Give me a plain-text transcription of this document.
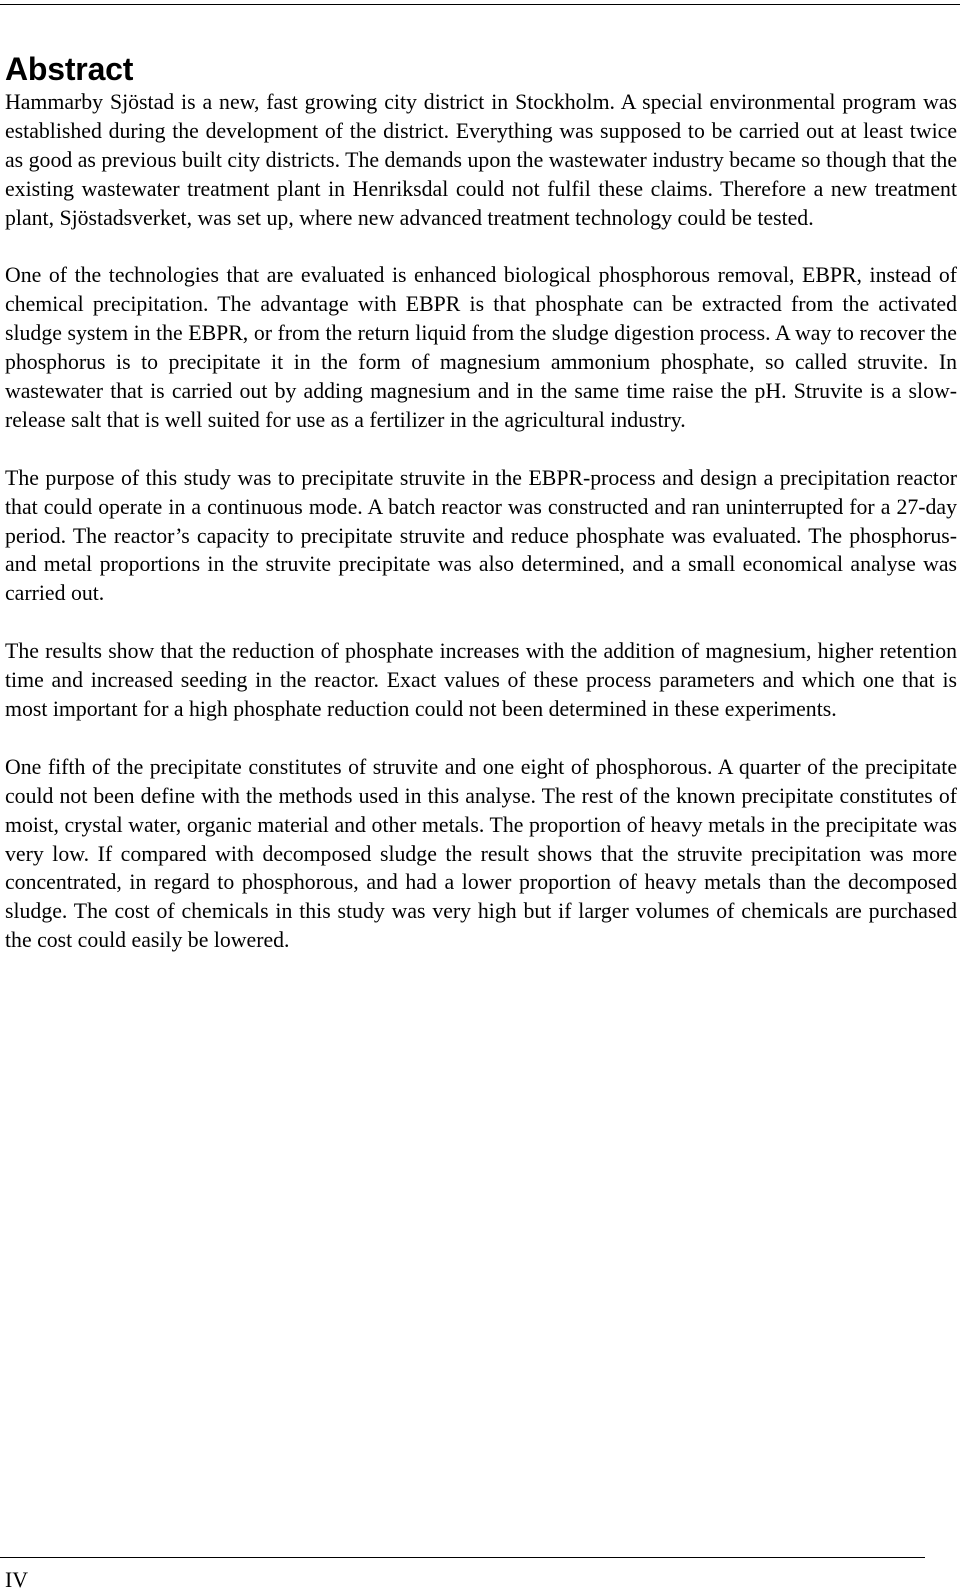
Abstract

Hammarby Sjöstad is a new, fast growing city district in Stockholm. A special environmental program was established during the development of the district. Everything was supposed to be carried out at least twice as good as previous built city districts. The demands upon the wastewater industry became so though that the existing wastewater treatment plant in Henriksdal could not fulfil these claims. Therefore a new treatment plant, Sjöstadsverket, was set up, where new advanced treatment technology could be tested.

One of the technologies that are evaluated is enhanced biological phosphorous removal, EBPR, instead of chemical precipitation. The advantage with EBPR is that phosphate can be extracted from the activated sludge system in the EBPR, or from the return liquid from the sludge digestion process. A way to recover the phosphorus is to precipitate it in the form of magnesium ammonium phosphate, so called struvite. In wastewater that is carried out by adding magnesium and in the same time raise the pH. Struvite is a slow-release salt that is well suited for use as a fertilizer in the agricultural industry.

The purpose of this study was to precipitate struvite in the EBPR-process and design a precipitation reactor that could operate in a continuous mode. A batch reactor was constructed and ran uninterrupted for a 27-day period. The reactor’s capacity to precipitate struvite and reduce phosphate was evaluated. The phosphorus- and metal proportions in the struvite precipitate was also determined, and a small economical analyse was carried out.

The results show that the reduction of phosphate increases with the addition of magnesium, higher retention time and increased seeding in the reactor. Exact values of these process parameters and which one that is most important for a high phosphate reduction could not been determined in these experiments.

One fifth of the precipitate constitutes of struvite and one eight of phosphorous. A quarter of the precipitate could not been define with the methods used in this analyse. The rest of the known precipitate constitutes of moist, crystal water, organic material and other metals. The proportion of heavy metals in the precipitate was very low. If compared with decomposed sludge the result shows that the struvite precipitation was more concentrated, in regard to phosphorous, and had a lower proportion of heavy metals than the decomposed sludge. The cost of chemicals in this study was very high but if larger volumes of chemicals are purchased the cost could easily be lowered.

IV
